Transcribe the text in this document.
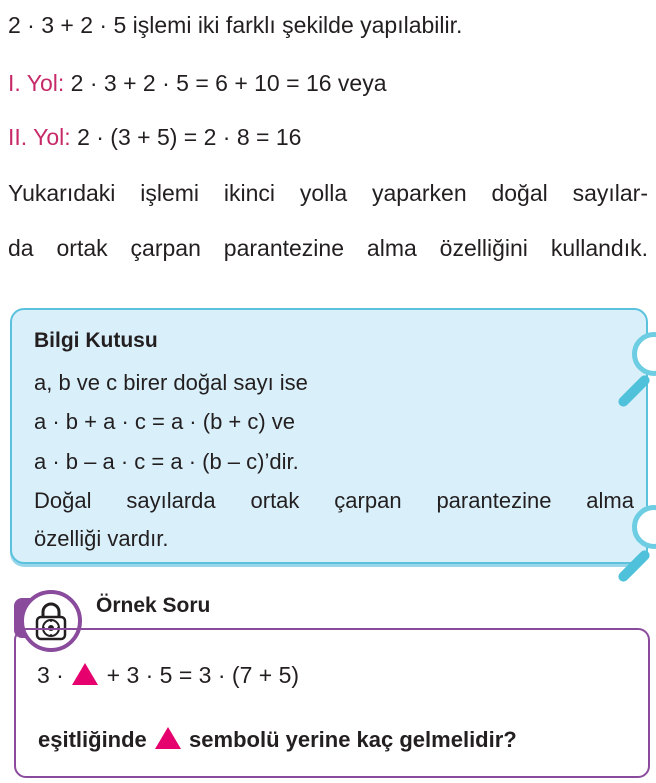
2 · 3 + 2 · 5 işlemi iki farklı şekilde yapılabilir.
I. Yol: 2 · 3 + 2 · 5 = 6 + 10 = 16 veya
II. Yol: 2 · (3 + 5) = 2 · 8 = 16
Yukarıdaki işlemi ikinci yolla yaparken doğal sayılar-
da ortak çarpan parantezine alma özelliğini kullandık.
Bilgi Kutusu
a, b ve c birer doğal sayı ise
a · b + a · c = a · (b + c) ve
a · b – a · c = a · (b – c)’dir.
Doğal sayılarda ortak çarpan parantezine alma
özelliği vardır.
Örnek Soru
3 · + 3 · 5 = 3 · (7 + 5)
eşitliğinde sembolü yerine kaç gelmelidir?
